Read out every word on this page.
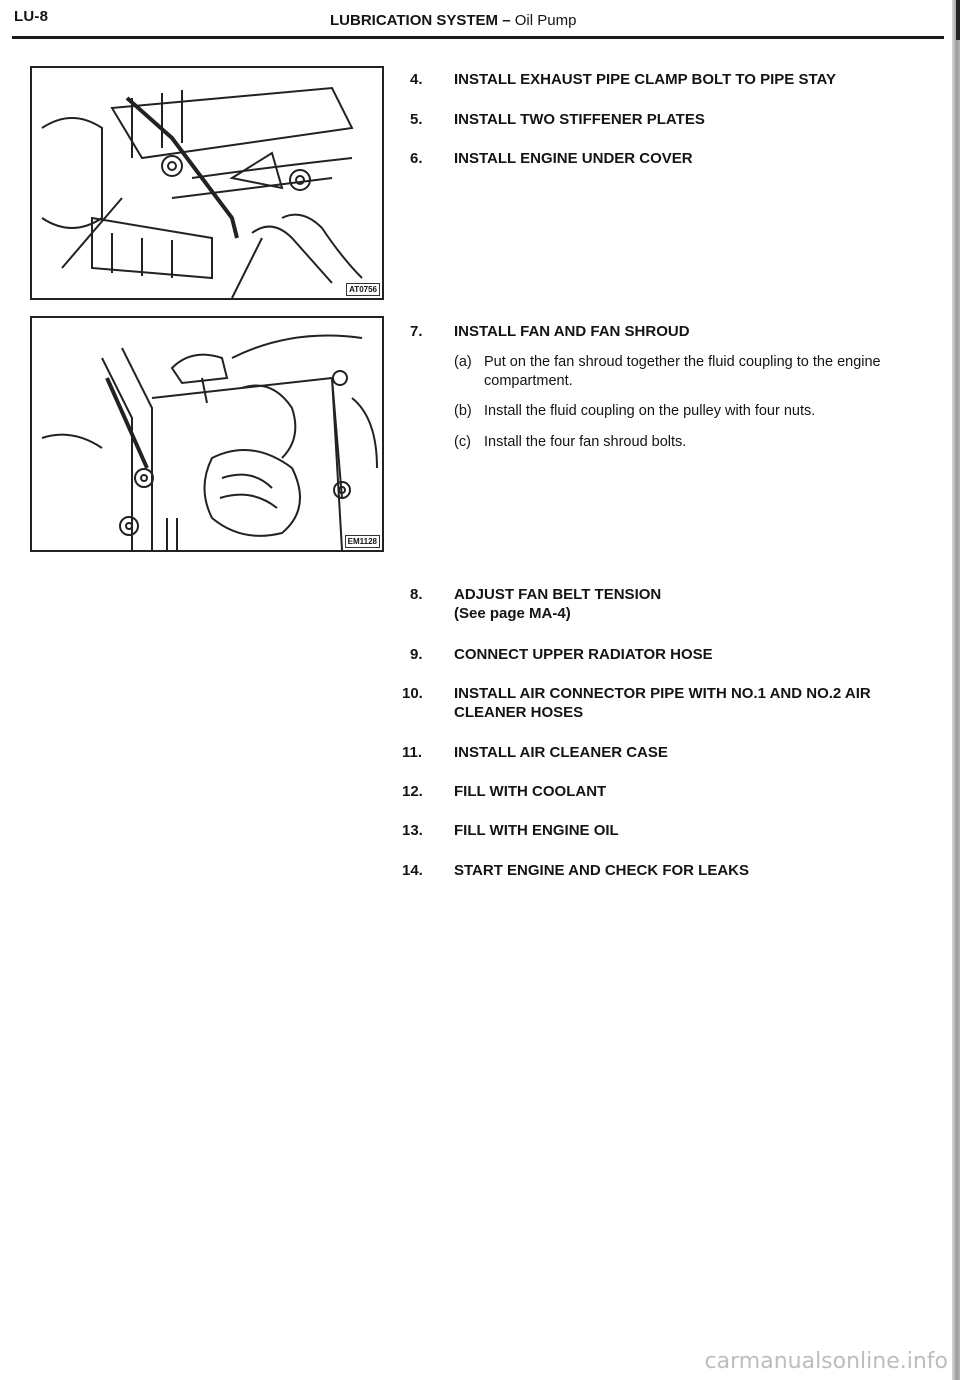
LU-8	LUBRICATION SYSTEM – Oil Pump
AT0756
EM1128
4.	INSTALL EXHAUST PIPE CLAMP BOLT TO PIPE STAY
5.	INSTALL TWO STIFFENER PLATES
6.	INSTALL ENGINE UNDER COVER
7.	INSTALL FAN AND FAN SHROUD
(a) Put on the fan shroud together the fluid coupling to the engine compartment.
(b) Install the fluid coupling on the pulley with four nuts.
(c) Install the four fan shroud bolts.
8.	ADJUST FAN BELT TENSION
(See page MA-4)
9.	CONNECT UPPER RADIATOR HOSE
10.	INSTALL AIR CONNECTOR PIPE WITH NO.1 AND NO.2 AIR CLEANER HOSES
11.	INSTALL AIR CLEANER CASE
12.	FILL WITH COOLANT
13.	FILL WITH ENGINE OIL
14.	START ENGINE AND CHECK FOR LEAKS
carmanualsonline.info
